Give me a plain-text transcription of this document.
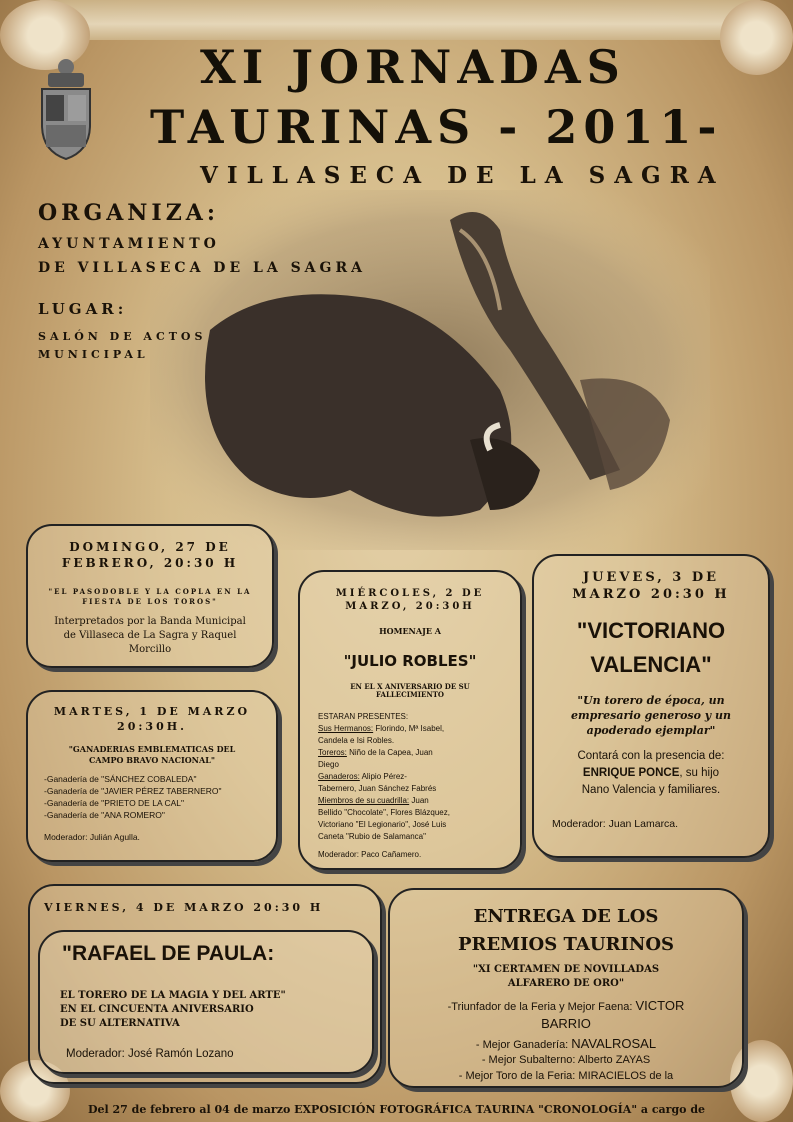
XI JORNADAS
TAURINAS - 2011-
VILLASECA DE LA SAGRA
ORGANIZA:
AYUNTAMIENTO
DE VILLASECA DE LA SAGRA
LUGAR:
SALÓN DE ACTOS
MUNICIPAL
DOMINGO, 27 DE
FEBRERO, 20:30 H
"EL PASODOBLE Y LA COPLA EN LA
FIESTA DE LOS TOROS"
Interpretados por la Banda Municipal
de Villaseca de La Sagra y Raquel
Morcillo
MARTES, 1 DE MARZO
20:30H.
"GANADERIAS EMBLEMATICAS DEL
CAMPO BRAVO NACIONAL"
-Ganadería de "SÁNCHEZ COBALEDA"
-Ganadería de "JAVIER PÉREZ TABERNERO"
-Ganadería de "PRIETO DE LA CAL"
-Ganadería de "ANA ROMERO"
Moderador: Julián Agulla.
MIÉRCOLES, 2 DE
MARZO, 20:30H
HOMENAJE A
"JULIO ROBLES"
EN EL X ANIVERSARIO DE SU
FALLECIMIENTO
ESTARAN PRESENTES:
Sus Hermanos: Florindo, Mª Isabel,
Candela e Isi Robles.
Toreros: Niño de la Capea, Juan
Diego
Ganaderos: Alipio Pérez-
Tabernero, Juan Sánchez Fabrés
Miembros de su cuadrilla: Juan
Bellido "Chocolate", Flores Blázquez,
Victoriano "El Legionario", José Luis
Caneta "Rubio de Salamanca"
Moderador: Paco Cañamero.
JUEVES, 3 DE
MARZO 20:30 H
"VICTORIANO
VALENCIA"
"Un torero de época, un
empresario generoso y un
apoderado ejemplar"
Contará con la presencia de:
ENRIQUE PONCE, su hijo
Nano Valencia y familiares.
Moderador: Juan Lamarca.
VIERNES, 4 DE MARZO 20:30 H
"RAFAEL DE PAULA:
EL TORERO DE LA MAGIA Y DEL ARTE"
EN EL CINCUENTA ANIVERSARIO
DE SU ALTERNATIVA
Moderador: José Ramón Lozano
ENTREGA DE LOS
PREMIOS TAURINOS
"XI CERTAMEN DE NOVILLADAS
ALFARERO DE ORO"
-Triunfador de la Feria y Mejor Faena: VICTOR
BARRIO
- Mejor Ganadería: NAVALROSAL
- Mejor Subalterno: Alberto ZAYAS
- Mejor Toro de la Feria: MIRACIELOS de la
Del 27 de febrero al 04 de marzo EXPOSICIÓN FOTOGRÁFICA TAURINA "CRONOLOGÍA" a cargo de
